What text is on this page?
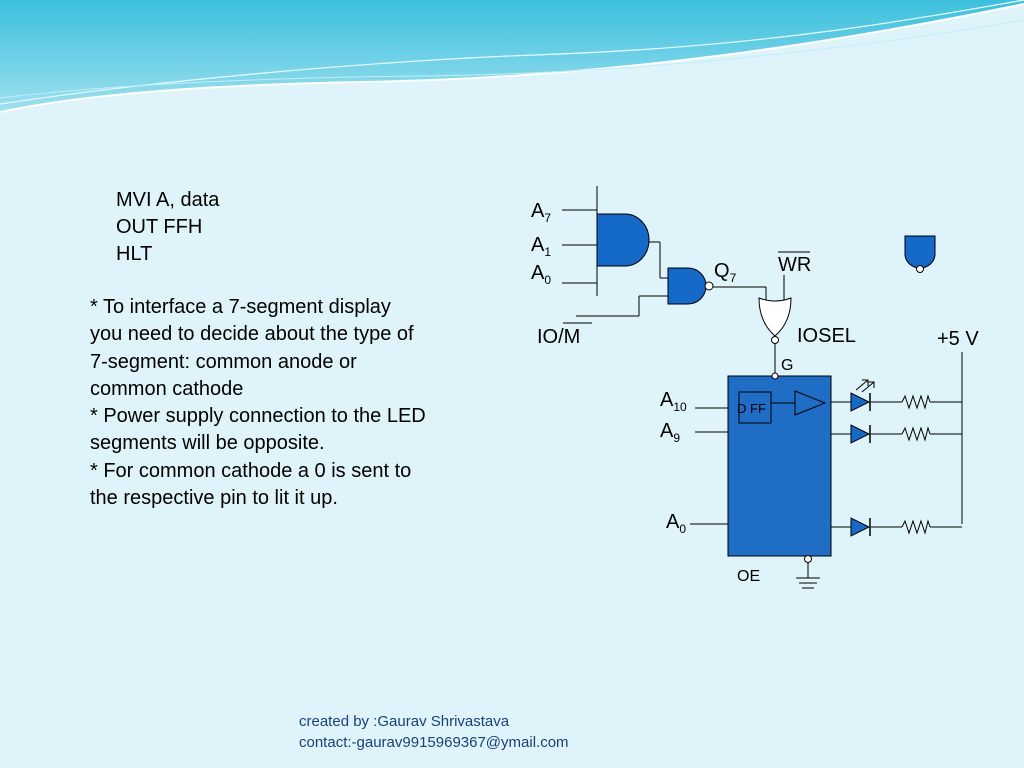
$A_7$
$A_1$
$A_0$
IO/M
$Q_7$
WR
IOSEL
G
+5 V
$A_{10}$
$A_9$
$A_0$
D FF
OE
MVI A, data
OUT FFH
HLT
* To interface a 7-segment display
you need to decide about the type of
7-segment: common anode or
common cathode
* Power supply connection to the LED
segments will be opposite.
* For common cathode a 0 is sent to
the respective pin to lit it up.
created by :Gaurav Shrivastava
contact:-gaurav9915969367@ymail.com
